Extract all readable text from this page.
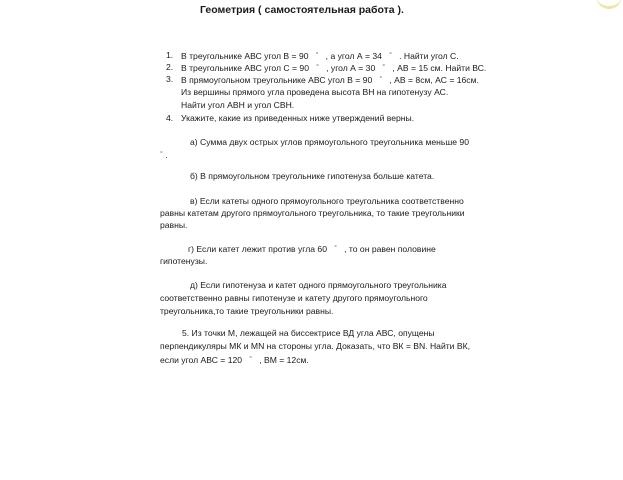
Геометрия ( самостоятельная работа ).
1. В треугольнике АВС угол В = 90 ° , а угол А = 34 ° . Найти угол С.
2. В треугольнике АВС угол С = 90 ° , угол А = 30 ° , АВ = 15 см. Найти ВС.
3. В прямоугольном треугольнике АВС угол В = 90 ° , АВ = 8см, АС = 16см.
Из вершины прямого угла проведена высота ВН на гипотенузу АС.
Найти угол АВН и угол СВН.
4. Укажите, какие из приведенных ниже утверждений верны.
а) Сумма двух острых углов прямоугольного треугольника меньше 90
° .
б) В прямоугольном треугольнике гипотенуза больше катета.
в) Если катеты одного прямоугольного треугольника соответственно
равны катетам другого прямоугольного треугольника, то такие треугольники
равны.
г) Если катет лежит против угла 60 ° , то он равен половине
гипотенузы.
д) Если гипотенуза и катет одного прямоугольного треугольника
соответственно равны гипотенузе и катету другого прямоугольного
треугольника,то такие треугольники равны.
5. Из точки М, лежащей на биссектрисе ВД угла АВС, опущены
перпендикуляры МК и МN на стороны угла. Доказать, что ВК = ВN. Найти ВК,
если угол АВС = 120 ° , ВМ = 12см.
